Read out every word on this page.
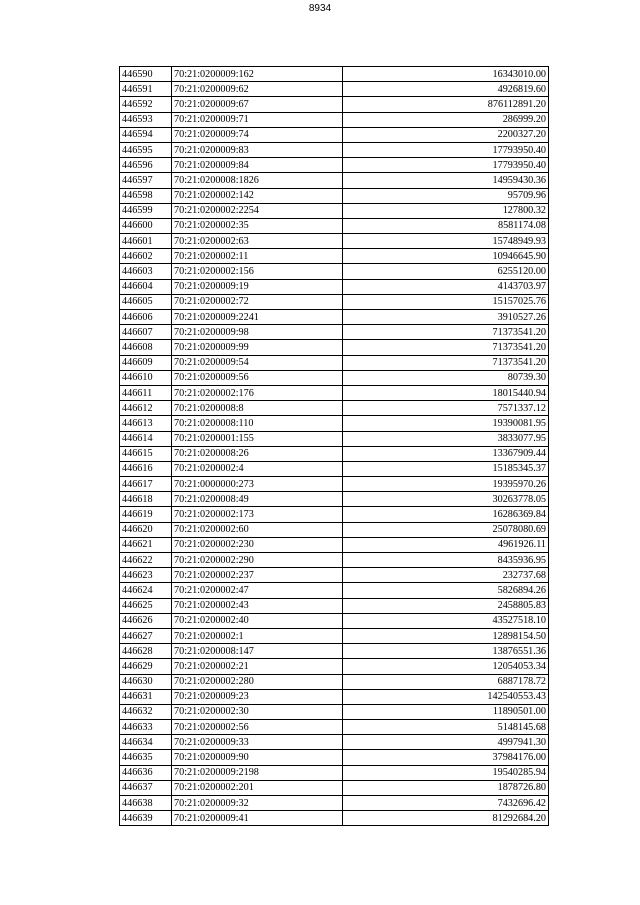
8934
446590	70:21:0200009:162	16343010.00
446591	70:21:0200009:62	4926819.60
446592	70:21:0200009:67	876112891.20
446593	70:21:0200009:71	286999.20
446594	70:21:0200009:74	2200327.20
446595	70:21:0200009:83	17793950.40
446596	70:21:0200009:84	17793950.40
446597	70:21:0200008:1826	14959430.36
446598	70:21:0200002:142	95709.96
446599	70:21:0200002:2254	127800.32
446600	70:21:0200002:35	8581174.08
446601	70:21:0200002:63	15748949.93
446602	70:21:0200002:11	10946645.90
446603	70:21:0200002:156	6255120.00
446604	70:21:0200009:19	4143703.97
446605	70:21:0200002:72	15157025.76
446606	70:21:0200009:2241	3910527.26
446607	70:21:0200009:98	71373541.20
446608	70:21:0200009:99	71373541.20
446609	70:21:0200009:54	71373541.20
446610	70:21:0200009:56	80739.30
446611	70:21:0200002:176	18015440.94
446612	70:21:0200008:8	7571337.12
446613	70:21:0200008:110	19390081.95
446614	70:21:0200001:155	3833077.95
446615	70:21:0200008:26	13367909.44
446616	70:21:0200002:4	15185345.37
446617	70:21:0000000:273	19395970.26
446618	70:21:0200008:49	30263778.05
446619	70:21:0200002:173	16286369.84
446620	70:21:0200002:60	25078080.69
446621	70:21:0200002:230	4961926.11
446622	70:21:0200002:290	8435936.95
446623	70:21:0200002:237	232737.68
446624	70:21:0200002:47	5826894.26
446625	70:21:0200002:43	2458805.83
446626	70:21:0200002:40	43527518.10
446627	70:21:0200002:1	12898154.50
446628	70:21:0200008:147	13876551.36
446629	70:21:0200002:21	12054053.34
446630	70:21:0200002:280	6887178.72
446631	70:21:0200009:23	142540553.43
446632	70:21:0200002:30	11890501.00
446633	70:21:0200002:56	5148145.68
446634	70:21:0200009:33	4997941.30
446635	70:21:0200009:90	37984176.00
446636	70:21:0200009:2198	19540285.94
446637	70:21:0200002:201	1878726.80
446638	70:21:0200009:32	7432696.42
446639	70:21:0200009:41	81292684.20
